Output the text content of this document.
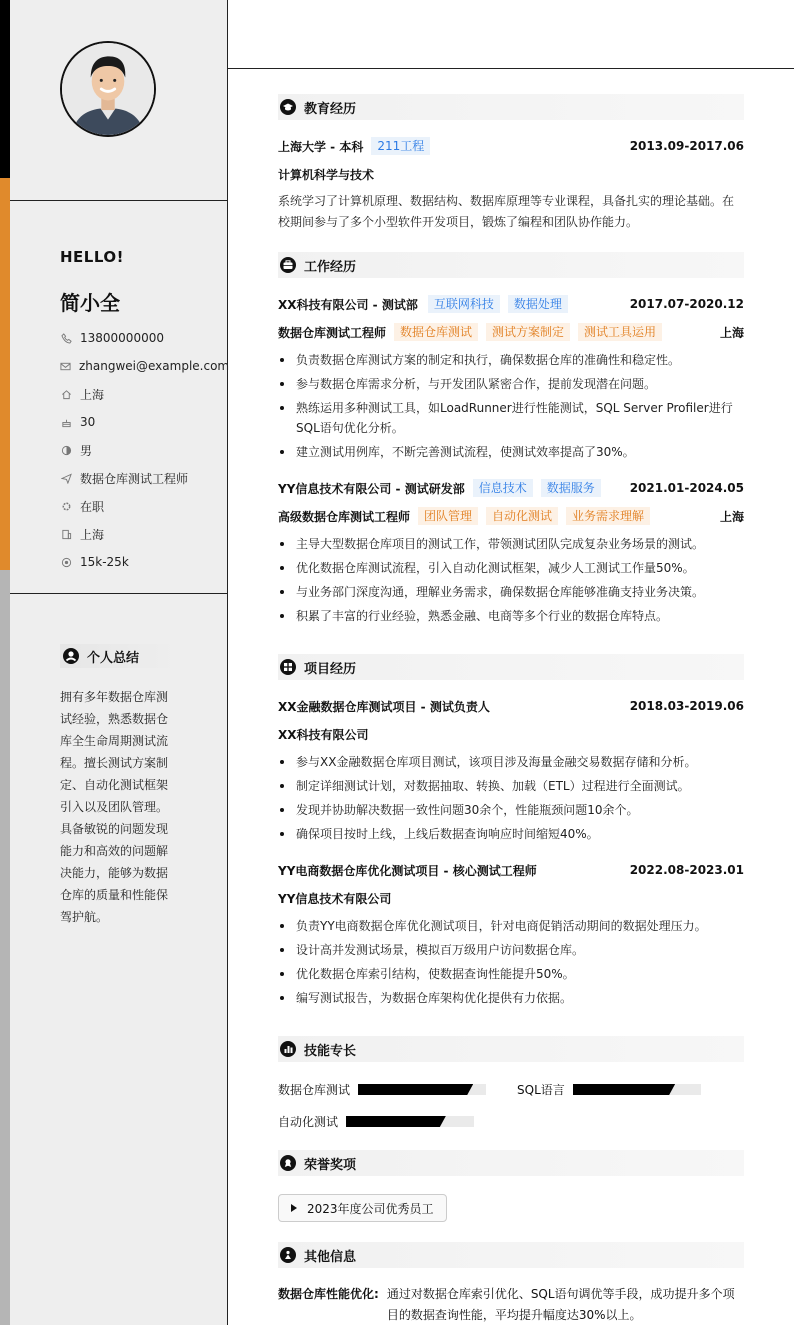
HELLO!
简小全
13800000000
zhangwei@example.com
上海
30
男
数据仓库测试工程师
在职
上海
15k-25k
个人总结
拥有多年数据仓库测试经验，熟悉数据仓库全生命周期测试流程。擅长测试方案制定、自动化测试框架引入以及团队管理。具备敏锐的问题发现能力和高效的问题解决能力，能够为数据仓库的质量和性能保驾护航。
教育经历
上海大学 - 本科	211工程	2013.09-2017.06
计算机科学与技术
系统学习了计算机原理、数据结构、数据库原理等专业课程，具备扎实的理论基础。在校期间参与了多个小型软件开发项目，锻炼了编程和团队协作能力。
工作经历
XX科技有限公司 - 测试部	互联网科技	数据处理	2017.07-2020.12
数据仓库测试工程师	数据仓库测试	测试方案制定	测试工具运用	上海
负责数据仓库测试方案的制定和执行，确保数据仓库的准确性和稳定性。
参与数据仓库需求分析，与开发团队紧密合作，提前发现潜在问题。
熟练运用多种测试工具，如LoadRunner进行性能测试，SQL Server Profiler进行SQL语句优化分析。
建立测试用例库，不断完善测试流程，使测试效率提高了30%。
YY信息技术有限公司 - 测试研发部	信息技术	数据服务	2021.01-2024.05
高级数据仓库测试工程师	团队管理	自动化测试	业务需求理解	上海
主导大型数据仓库项目的测试工作，带领测试团队完成复杂业务场景的测试。
优化数据仓库测试流程，引入自动化测试框架，减少人工测试工作量50%。
与业务部门深度沟通，理解业务需求，确保数据仓库能够准确支持业务决策。
积累了丰富的行业经验，熟悉金融、电商等多个行业的数据仓库特点。
项目经历
XX金融数据仓库测试项目 - 测试负责人	2018.03-2019.06
XX科技有限公司
参与XX金融数据仓库项目测试，该项目涉及海量金融交易数据存储和分析。
制定详细测试计划，对数据抽取、转换、加载（ETL）过程进行全面测试。
发现并协助解决数据一致性问题30余个，性能瓶颈问题10余个。
确保项目按时上线，上线后数据查询响应时间缩短40%。
YY电商数据仓库优化测试项目 - 核心测试工程师	2022.08-2023.01
YY信息技术有限公司
负责YY电商数据仓库优化测试项目，针对电商促销活动期间的数据处理压力。
设计高并发测试场景，模拟百万级用户访问数据仓库。
优化数据仓库索引结构，使数据查询性能提升50%。
编写测试报告，为数据仓库架构优化提供有力依据。
技能专长
数据仓库测试	SQL语言
自动化测试
荣誉奖项
2023年度公司优秀员工
其他信息
数据仓库性能优化: 通过对数据仓库索引优化、SQL语句调优等手段，成功提升多个项目的数据查询性能，平均提升幅度达30%以上。
